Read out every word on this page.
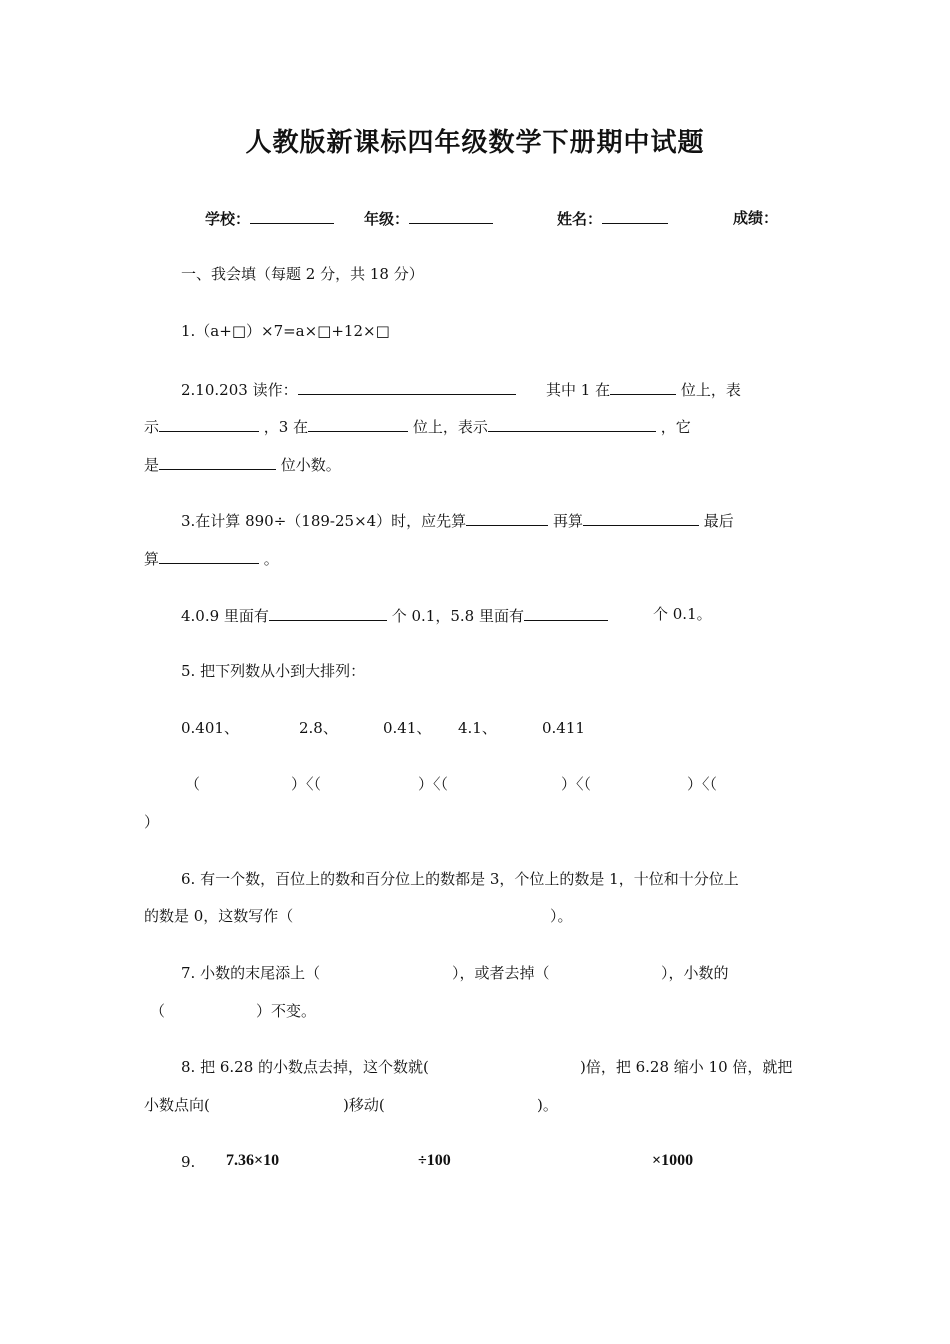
人教版新课标四年级数学下册期中试题
学校：	年级：	姓名：	成绩：
一、我会填（每题 2 分，共 18 分）
1.（a+□）×7=a×□+12×□
2.10.203 读作：	其中 1 在	位上，表
示	，3 在	位上，表示	，它
是	位小数。
3.在计算 890÷（189-25×4）时，应先算	再算	最后
算	。
4.0.9 里面有	个 0.1，5.8 里面有	个 0.1。
5. 把下列数从小到大排列：
0.401、	2.8、	0.41、 4.1、	0.411
（	）〈（	）〈（	）〈（	）〈（
）
6. 有一个数，百位上的数和百分位上的数都是 3，个位上的数是 1，十位和十分位上
的数是 0，这数写作（	）。
7. 小数的末尾添上（	），或者去掉（	），小数的
（	）不变。
8. 把 6.28 的小数点去掉，这个数就(	)倍，把 6.28 缩小 10 倍，就把
小数点向(	)移动(	)。
9. 7.36×10	÷100	×1000
